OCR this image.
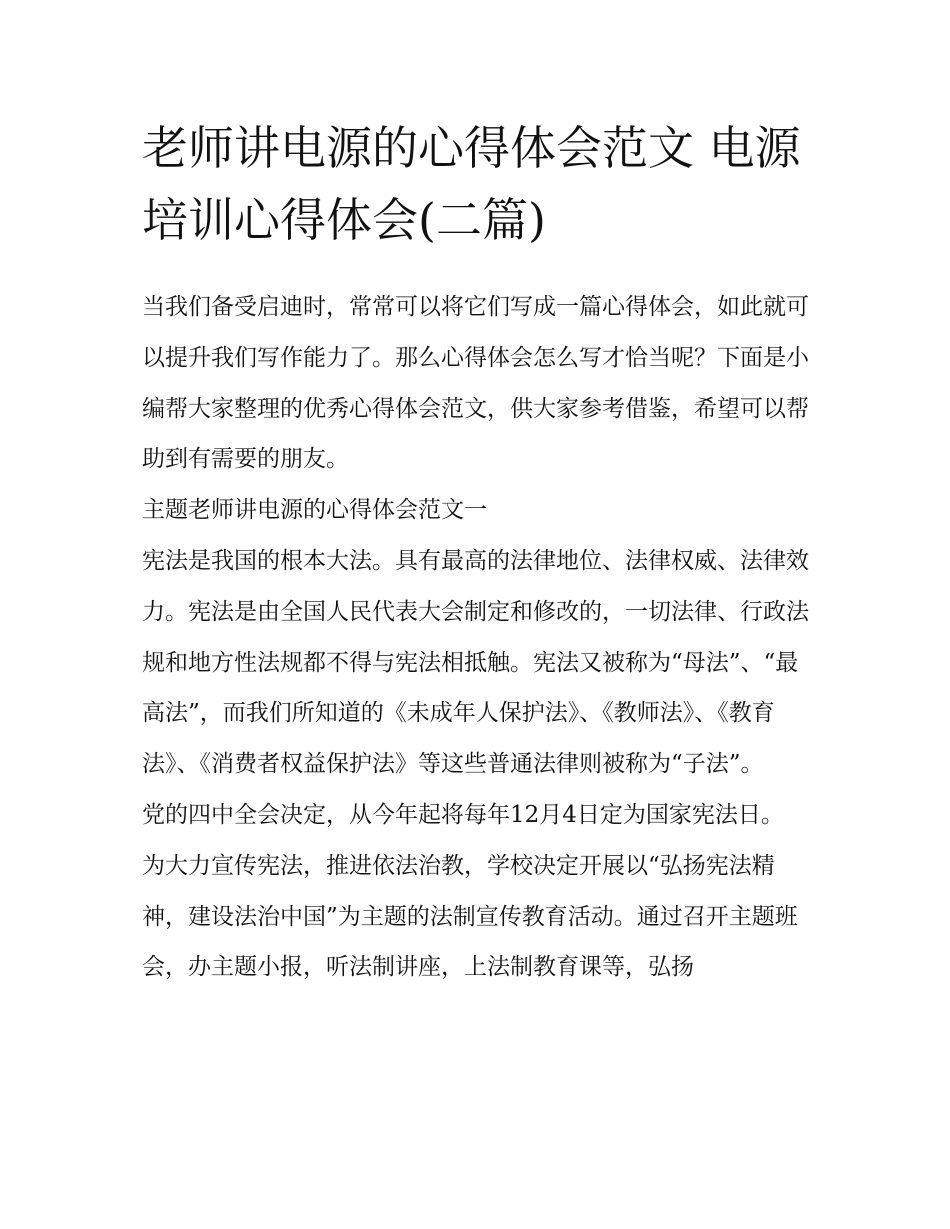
老师讲电源的心得体会范文 电源培训心得体会(二篇)

当我们备受启迪时，常常可以将它们写成一篇心得体会，如此就可以提升我们写作能力了。那么心得体会怎么写才恰当呢？下面是小编帮大家整理的优秀心得体会范文，供大家参考借鉴，希望可以帮助到有需要的朋友。

主题老师讲电源的心得体会范文一

宪法是我国的根本大法。具有最高的法律地位、法律权威、法律效力。宪法是由全国人民代表大会制定和修改的，一切法律、行政法规和地方性法规都不得与宪法相抵触。宪法又被称为“母法”、“最高法”，而我们所知道的《未成年人保护法》、《教师法》、《教育法》、《消费者权益保护法》等这些普通法律则被称为“子法”。

党的四中全会决定，从今年起将每年12月4日定为国家宪法日。

为大力宣传宪法，推进依法治教，学校决定开展以“弘扬宪法精神，建设法治中国”为主题的法制宣传教育活动。通过召开主题班会，办主题小报，听法制讲座，上法制教育课等，弘扬
